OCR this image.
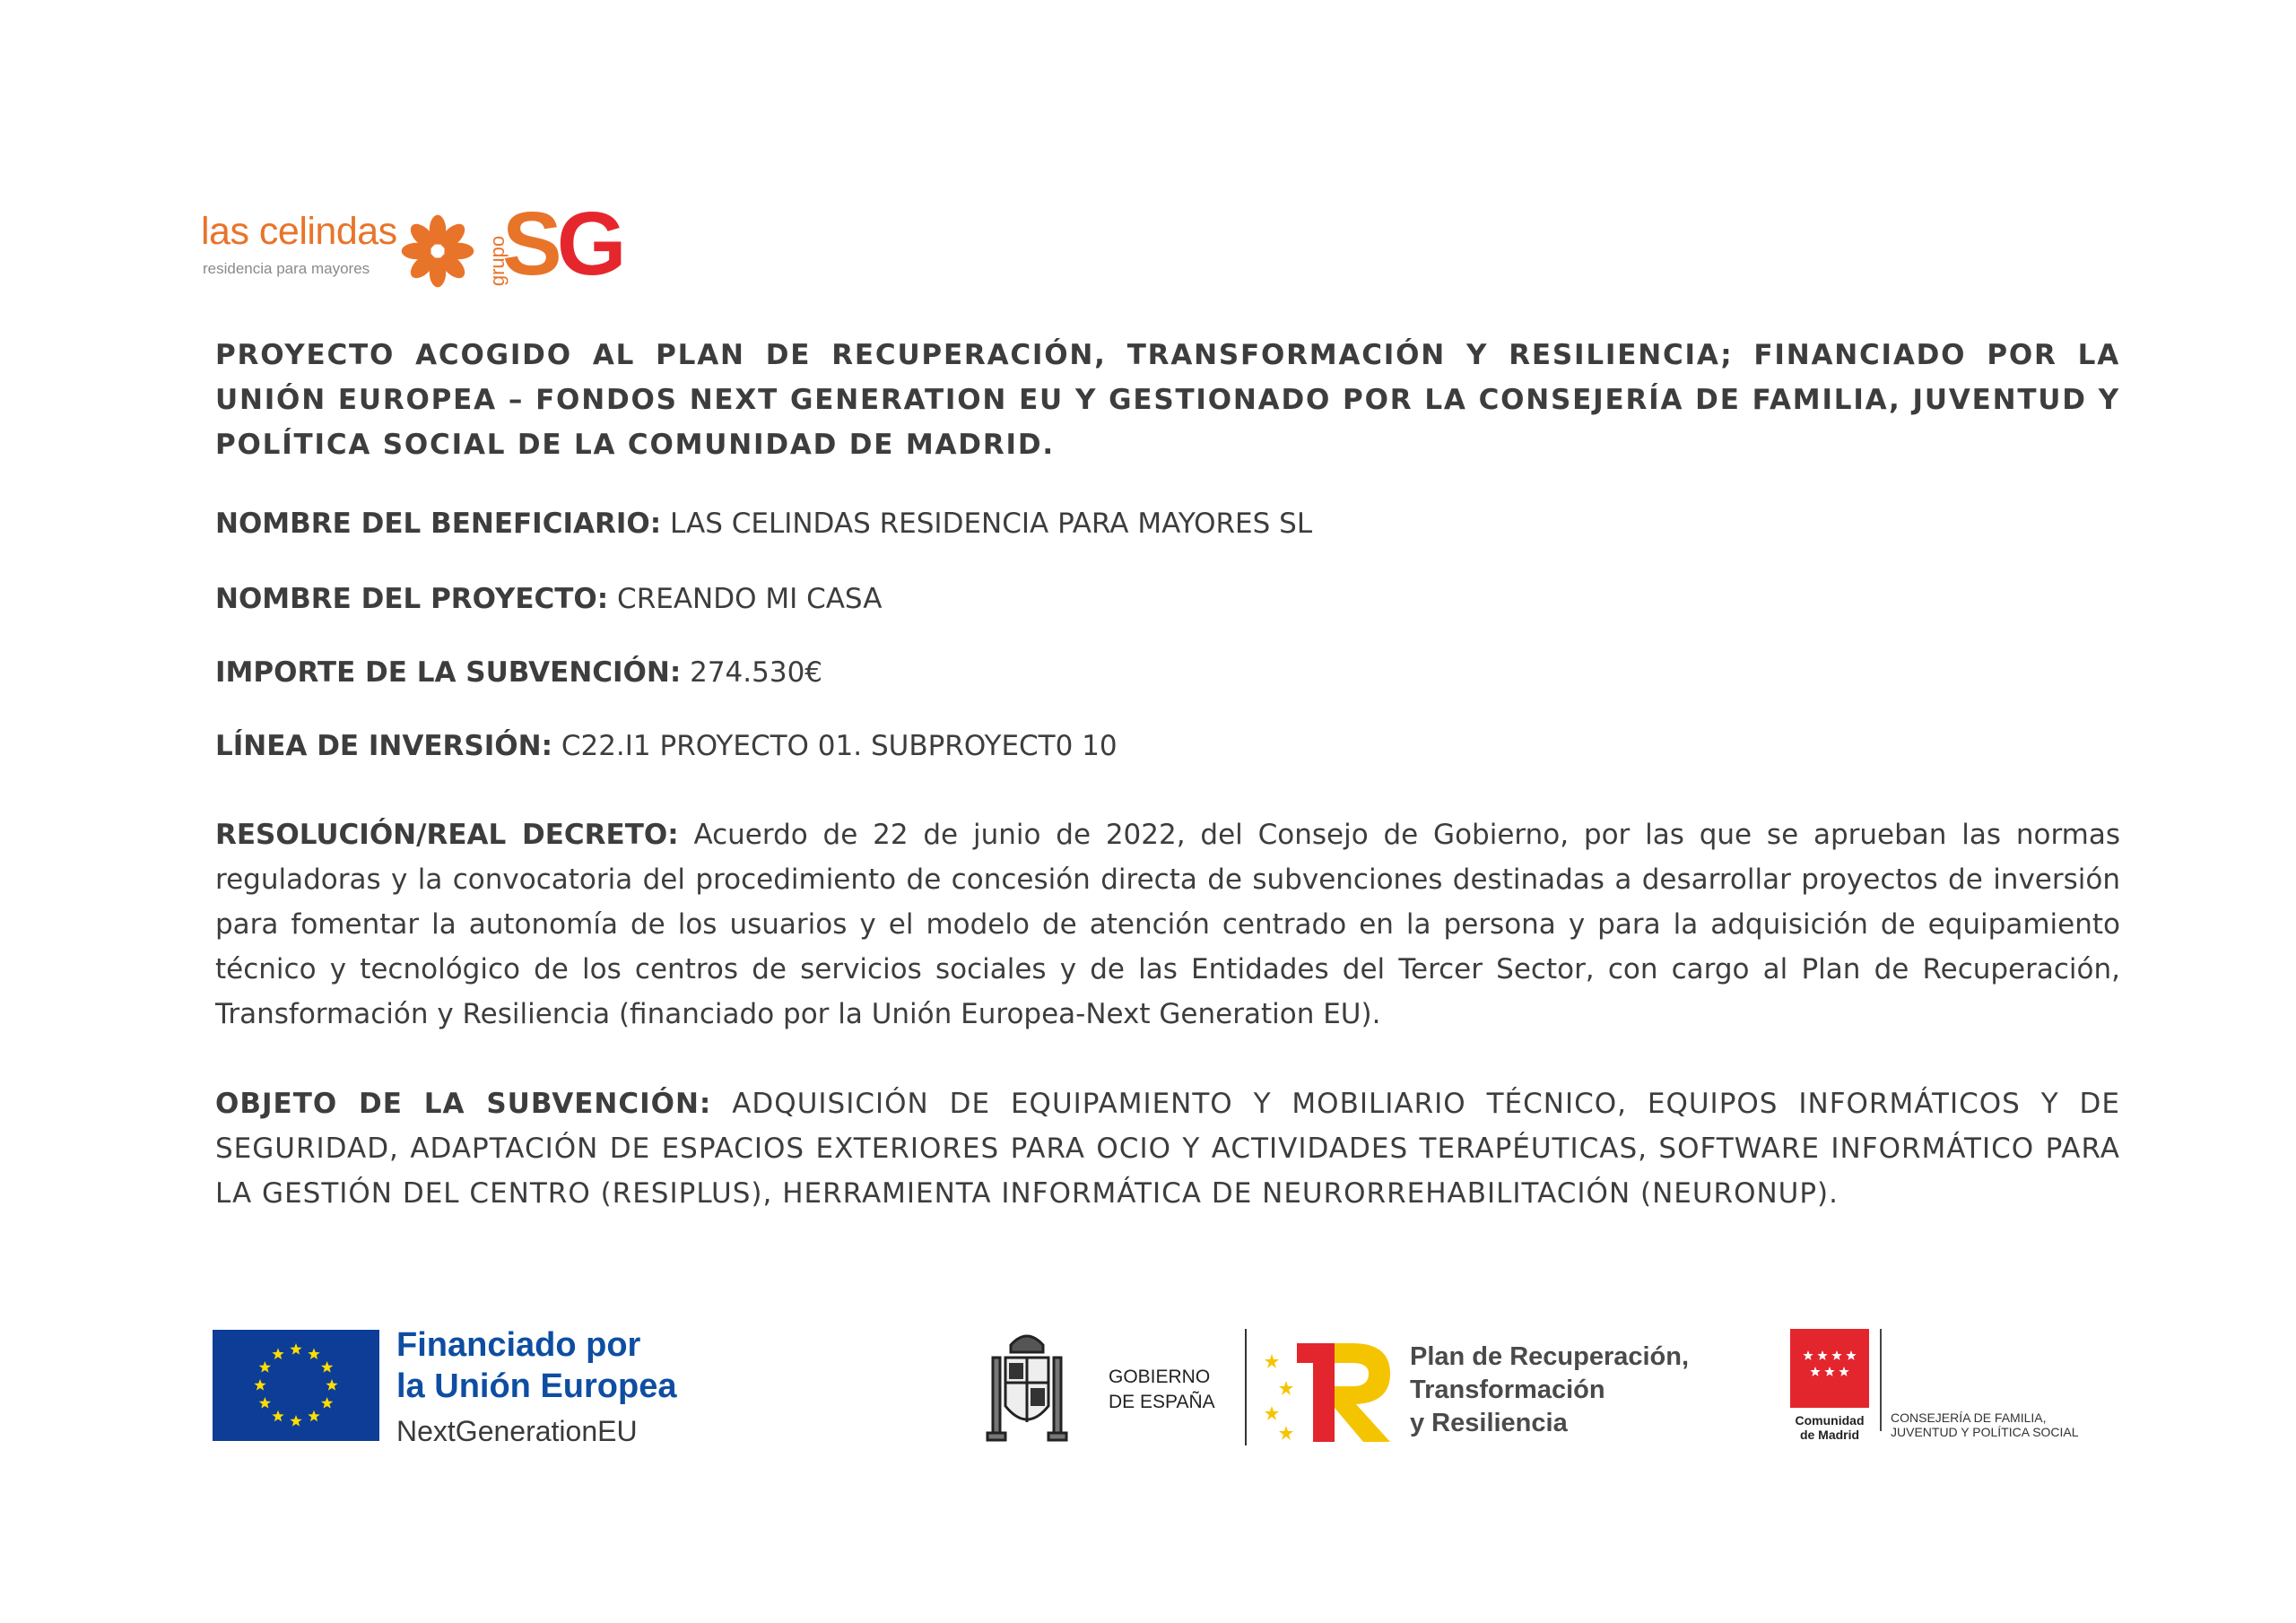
las celindas
residencia para mayores	grupo
SG
PROYECTO ACOGIDO AL PLAN DE RECUPERACIÓN, TRANSFORMACIÓN Y RESILIENCIA; FINANCIADO POR LA UNIÓN EUROPEA – FONDOS NEXT GENERATION EU Y GESTIONADO POR LA CONSEJERÍA DE FAMILIA, JUVENTUD Y POLÍTICA SOCIAL DE LA COMUNIDAD DE MADRID.
NOMBRE DEL BENEFICIARIO: LAS CELINDAS RESIDENCIA PARA MAYORES SL
NOMBRE DEL PROYECTO: CREANDO MI CASA
IMPORTE DE LA SUBVENCIÓN: 274.530€
LÍNEA DE INVERSIÓN: C22.I1 PROYECTO 01. SUBPROYECT0 10
RESOLUCIÓN/REAL DECRETO: Acuerdo de 22 de junio de 2022, del Consejo de Gobierno, por las que se aprueban las normas reguladoras y la convocatoria del procedimiento de concesión directa de subvenciones destinadas a desarrollar proyectos de inversión para fomentar la autonomía de los usuarios y el modelo de atención centrado en la persona y para la adquisición de equipamiento técnico y tecnológico de los centros de servicios sociales y de las Entidades del Tercer Sector, con cargo al Plan de Recuperación, Transformación y Resiliencia (financiado por la Unión Europea-Next Generation EU).
OBJETO DE LA SUBVENCIÓN: ADQUISICIÓN DE EQUIPAMIENTO Y MOBILIARIO TÉCNICO, EQUIPOS INFORMÁTICOS Y DE SEGURIDAD, ADAPTACIÓN DE ESPACIOS EXTERIORES PARA OCIO Y ACTIVIDADES TERAPÉUTICAS, SOFTWARE INFORMÁTICO PARA LA GESTIÓN DEL CENTRO (RESIPLUS), HERRAMIENTA INFORMÁTICA DE NEURORREHABILITACIÓN (NEURONUP).
Financiado por
la Unión Europea
NextGenerationEU
GOBIERNO
DE ESPAÑA
Plan de Recuperación,
Transformación
y Resiliencia	Comunidad
de Madrid
CONSEJERÍA DE FAMILIA,
JUVENTUD Y POLÍTICA SOCIAL
